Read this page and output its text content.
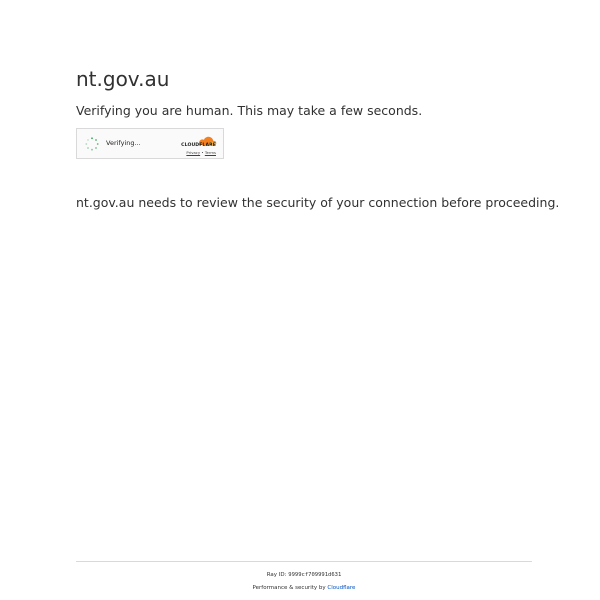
nt.gov.au

Verifying you are human. This may take a few seconds.

Verifying...	CLOUDFLARE
Privacy • Terms

nt.gov.au needs to review the security of your connection before proceeding.

Ray ID: 9999cf709991d631
Performance & security by Cloudflare
